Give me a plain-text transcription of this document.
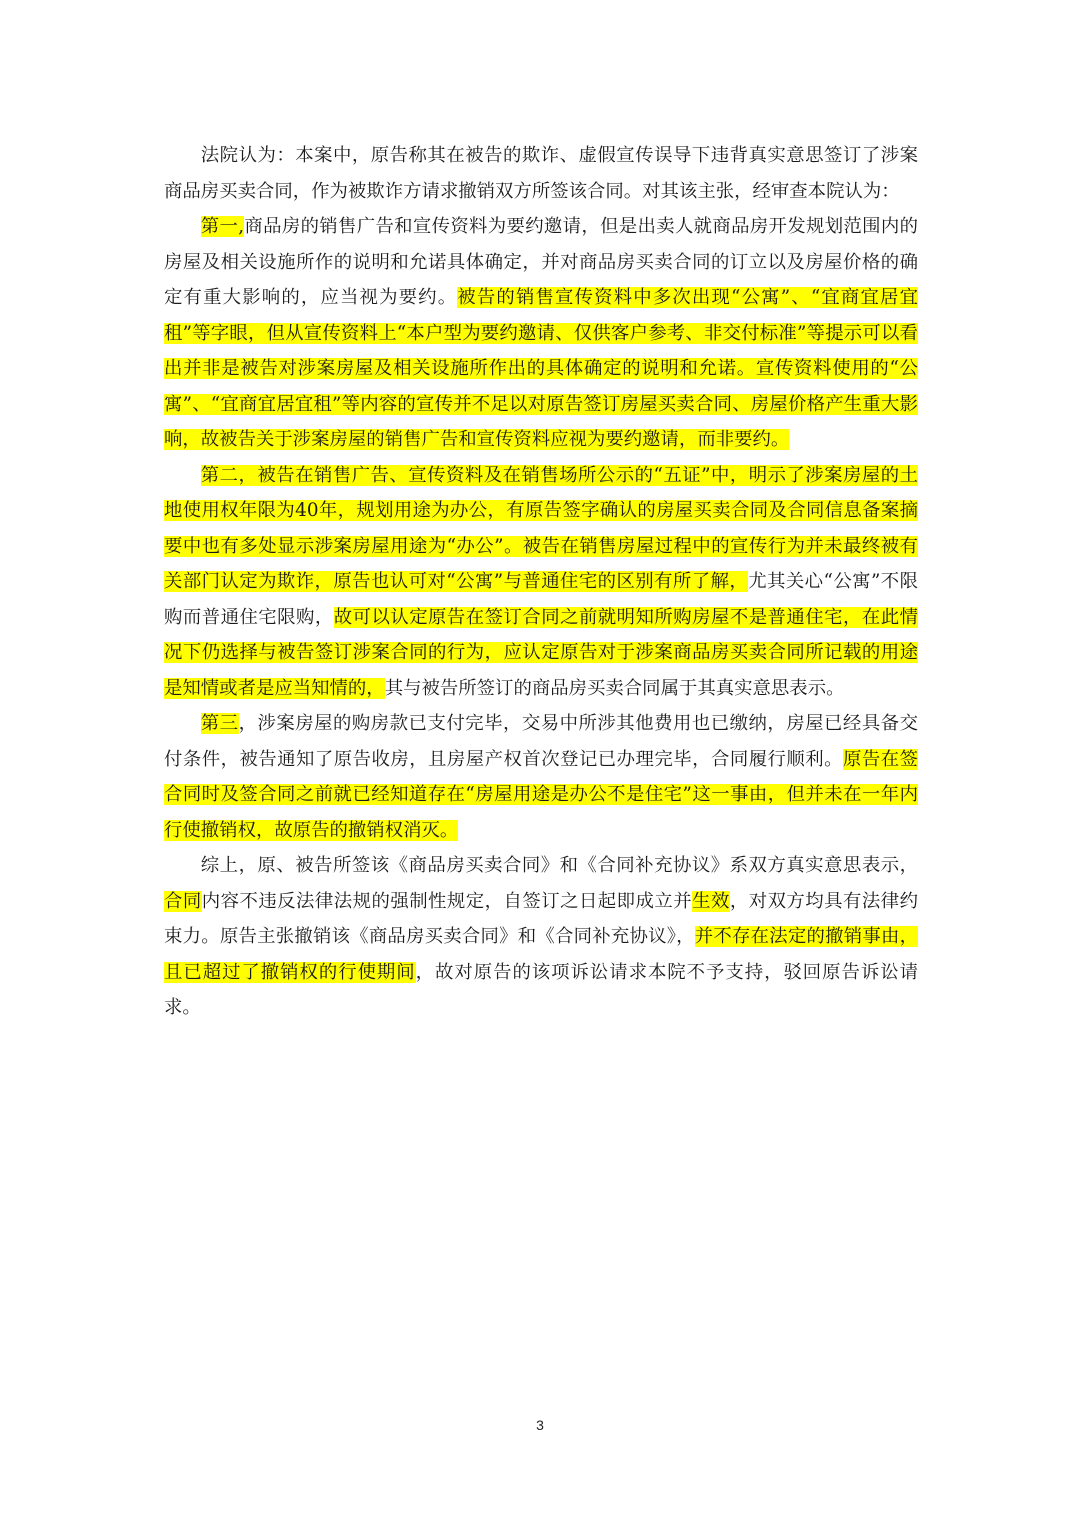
法院认为：本案中，原告称其在被告的欺诈、虚假宣传误导下违背真实意思签订了涉案商品房买卖合同，作为被欺诈方请求撤销双方所签该合同。对其该主张，经审查本院认为：

第一,商品房的销售广告和宣传资料为要约邀请，但是出卖人就商品房开发规划范围内的房屋及相关设施所作的说明和允诺具体确定，并对商品房买卖合同的订立以及房屋价格的确定有重大影响的，应当视为要约。被告的销售宣传资料中多次出现“公寓”、“宜商宜居宜租”等字眼，但从宣传资料上“本户型为要约邀请、仅供客户参考、非交付标准”等提示可以看出并非是被告对涉案房屋及相关设施所作出的具体确定的说明和允诺。宣传资料使用的“公寓”、“宜商宜居宜租”等内容的宣传并不足以对原告签订房屋买卖合同、房屋价格产生重大影响，故被告关于涉案房屋的销售广告和宣传资料应视为要约邀请，而非要约。

第二，被告在销售广告、宣传资料及在销售场所公示的“五证”中，明示了涉案房屋的土地使用权年限为40年，规划用途为办公，有原告签字确认的房屋买卖合同及合同信息备案摘要中也有多处显示涉案房屋用途为“办公”。被告在销售房屋过程中的宣传行为并未最终被有关部门认定为欺诈，原告也认可对“公寓”与普通住宅的区别有所了解，尤其关心“公寓”不限购而普通住宅限购，故可以认定原告在签订合同之前就明知所购房屋不是普通住宅，在此情况下仍选择与被告签订涉案合同的行为，应认定原告对于涉案商品房买卖合同所记载的用途是知情或者是应当知情的，其与被告所签订的商品房买卖合同属于其真实意思表示。

第三，涉案房屋的购房款已支付完毕，交易中所涉其他费用也已缴纳，房屋已经具备交付条件，被告通知了原告收房，且房屋产权首次登记已办理完毕，合同履行顺利。原告在签合同时及签合同之前就已经知道存在“房屋用途是办公不是住宅”这一事由，但并未在一年内行使撤销权，故原告的撤销权消灭。

综上，原、被告所签该《商品房买卖合同》和《合同补充协议》系双方真实意思表示，合同内容不违反法律法规的强制性规定，自签订之日起即成立并生效，对双方均具有法律约束力。原告主张撤销该《商品房买卖合同》和《合同补充协议》，并不存在法定的撤销事由，且已超过了撤销权的行使期间，故对原告的该项诉讼请求本院不予支持，驳回原告诉讼请求。

3
